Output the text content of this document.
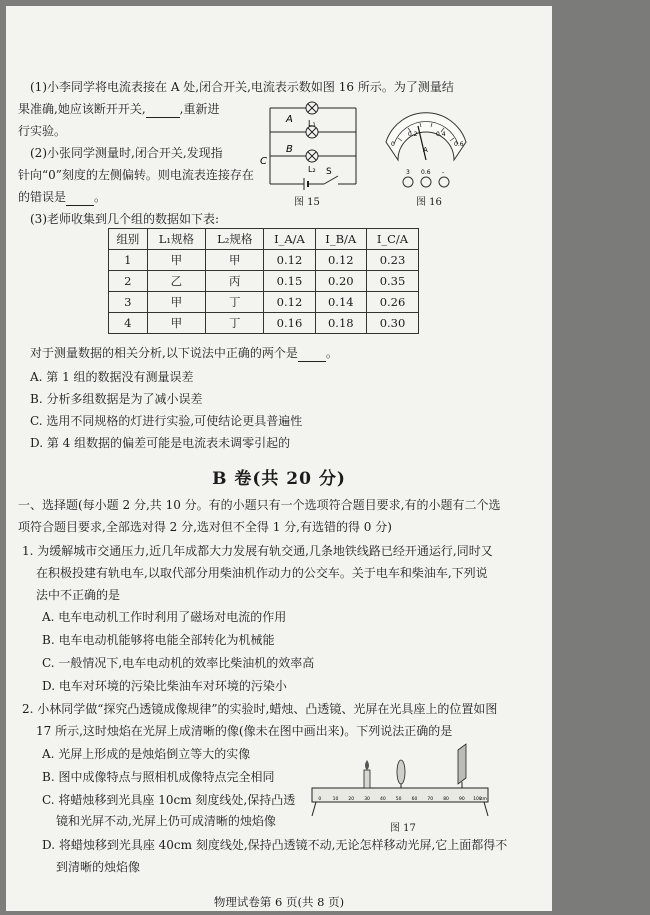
(1)小李同学将电流表接在 A 处,闭合开关,电流表示数如图 16 所示。为了测量结
果准确,她应该断开开关,	,重新进
行实验。
(2)小张同学测量时,闭合开关,发现指
针向“0”刻度的左侧偏转。则电流表连接存在
的错误是 。
(3)老师收集到几个组的数据如下表:
A L₁
B
L₂
C
S
图 15
0
0.2	0.4
0.6
A
3 0.6 -
图 16
组别	L₁规格	L₂规格	I_A/A	I_B/A	I_C/A
1	甲	甲	0.12	0.12	0.23
2	乙	丙	0.15	0.20	0.35
3	甲	丁	0.12	0.14	0.26
4	甲	丁	0.16	0.18	0.30
对于测量数据的相关分析,以下说法中正确的两个是 。
A. 第 1 组的数据没有测量误差
B. 分析多组数据是为了减小误差
C. 选用不同规格的灯进行实验,可使结论更具普遍性
D. 第 4 组数据的偏差可能是电流表未调零引起的
B 卷(共 20 分)
一、选择题(每小题 2 分,共 10 分。有的小题只有一个选项符合题目要求,有的小题有二个选
项符合题目要求,全部选对得 2 分,选对但不全得 1 分,有选错的得 0 分)
1. 为缓解城市交通压力,近几年成都大力发展有轨交通,几条地铁线路已经开通运行,同时又
在积极投建有轨电车,以取代部分用柴油机作动力的公交车。关于电车和柴油车,下列说
法中不正确的是
A. 电车电动机工作时利用了磁场对电流的作用
B. 电车电动机能够将电能全部转化为机械能
C. 一般情况下,电车电动机的效率比柴油机的效率高
D. 电车对环境的污染比柴油车对环境的污染小
2. 小林同学做“探究凸透镜成像规律”的实验时,蜡烛、凸透镜、光屏在光具座上的位置如图
17 所示,这时烛焰在光屏上成清晰的像(像未在图中画出来)。下列说法正确的是
A. 光屏上形成的是烛焰倒立等大的实像
B. 图中成像特点与照相机成像特点完全相同
C. 将蜡烛移到光具座 10cm 刻度线处,保持凸透
镜和光屏不动,光屏上仍可成清晰的烛焰像
D. 将蜡烛移到光具座 40cm 刻度线处,保持凸透镜不动,无论怎样移动光屏,它上面都得不
到清晰的烛焰像
0	10 20 30 40 50 60 70 80 90 100
cm
图 17
物理试卷第 6 页(共 8 页)
